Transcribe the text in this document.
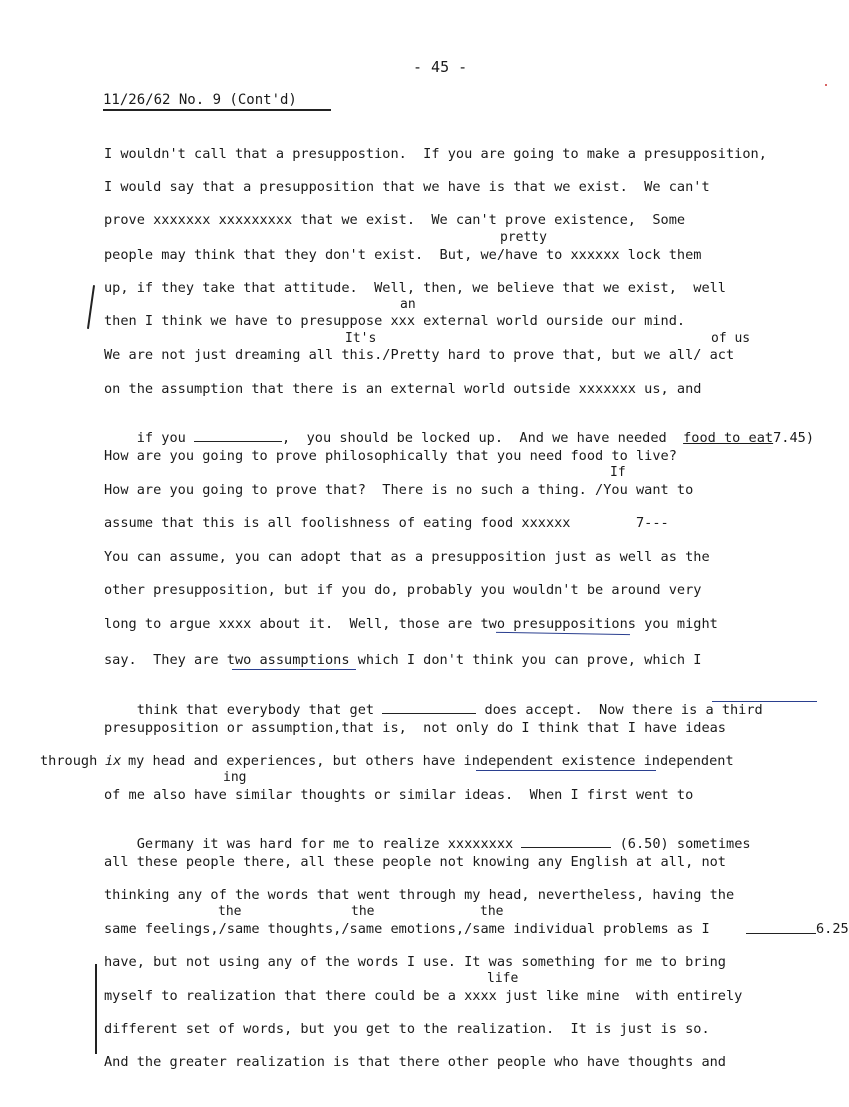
- 45 -
11/26/62 No. 9 (Cont'd)
I wouldn't call that a presuppostion.  If you are going to make a presupposition,
I would say that a presupposition that we have is that we exist.  We can't
prove xxxxxxx xxxxxxxxx that we exist.  We can't prove existence,  Some
pretty
people may think that they don't exist.  But, we/have to xxxxxx lock them
up, if they take that attitude.  Well, then, we believe that we exist,  well
an
then I think we have to presuppose xxx external world ourside our mind.
It's	of us
We are not just dreaming all this./Pretty hard to prove that, but we all/ act
on the assumption that there is an external world outside xxxxxxx us, and

if you	,  you should be locked up.  And we have needed food to eat7.45)

How are you going to prove philosophically that you need food to live?
If
How are you going to prove that?  There is no such a thing. /You want to
assume that this is all foolishness of eating food xxxxxx        7---
You can assume, you can adopt that as a presupposition just as well as the
other presupposition, but if you do, probably you wouldn't be around very
long to argue xxxx about it.  Well, those are two presuppositions you might
say.  They are two assumptions which I don't think you can prove, which I

think that everybody that get	does accept.  Now there is a third

presupposition or assumption,that is,  not only do I think that I have ideas
through ix my head and experiences, but others have independent existence independent
ing
of me also have similar thoughts or similar ideas.  When I first went to

Germany it was hard for me to realize xxxxxxxx	(6.50) sometimes

all these people there, all these people not knowing any English at all, not
thinking any of the words that went through my head, nevertheless, having the
the	the	the
same feelings,/same thoughts,/same emotions,/same individual problems as I	6.25
have, but not using any of the words I use. It was something for me to bring
life
myself to realization that there could be a xxxx just like mine  with entirely
different set of words, but you get to the realization.  It is just is so.
And the greater realization is that there other people who have thoughts and
